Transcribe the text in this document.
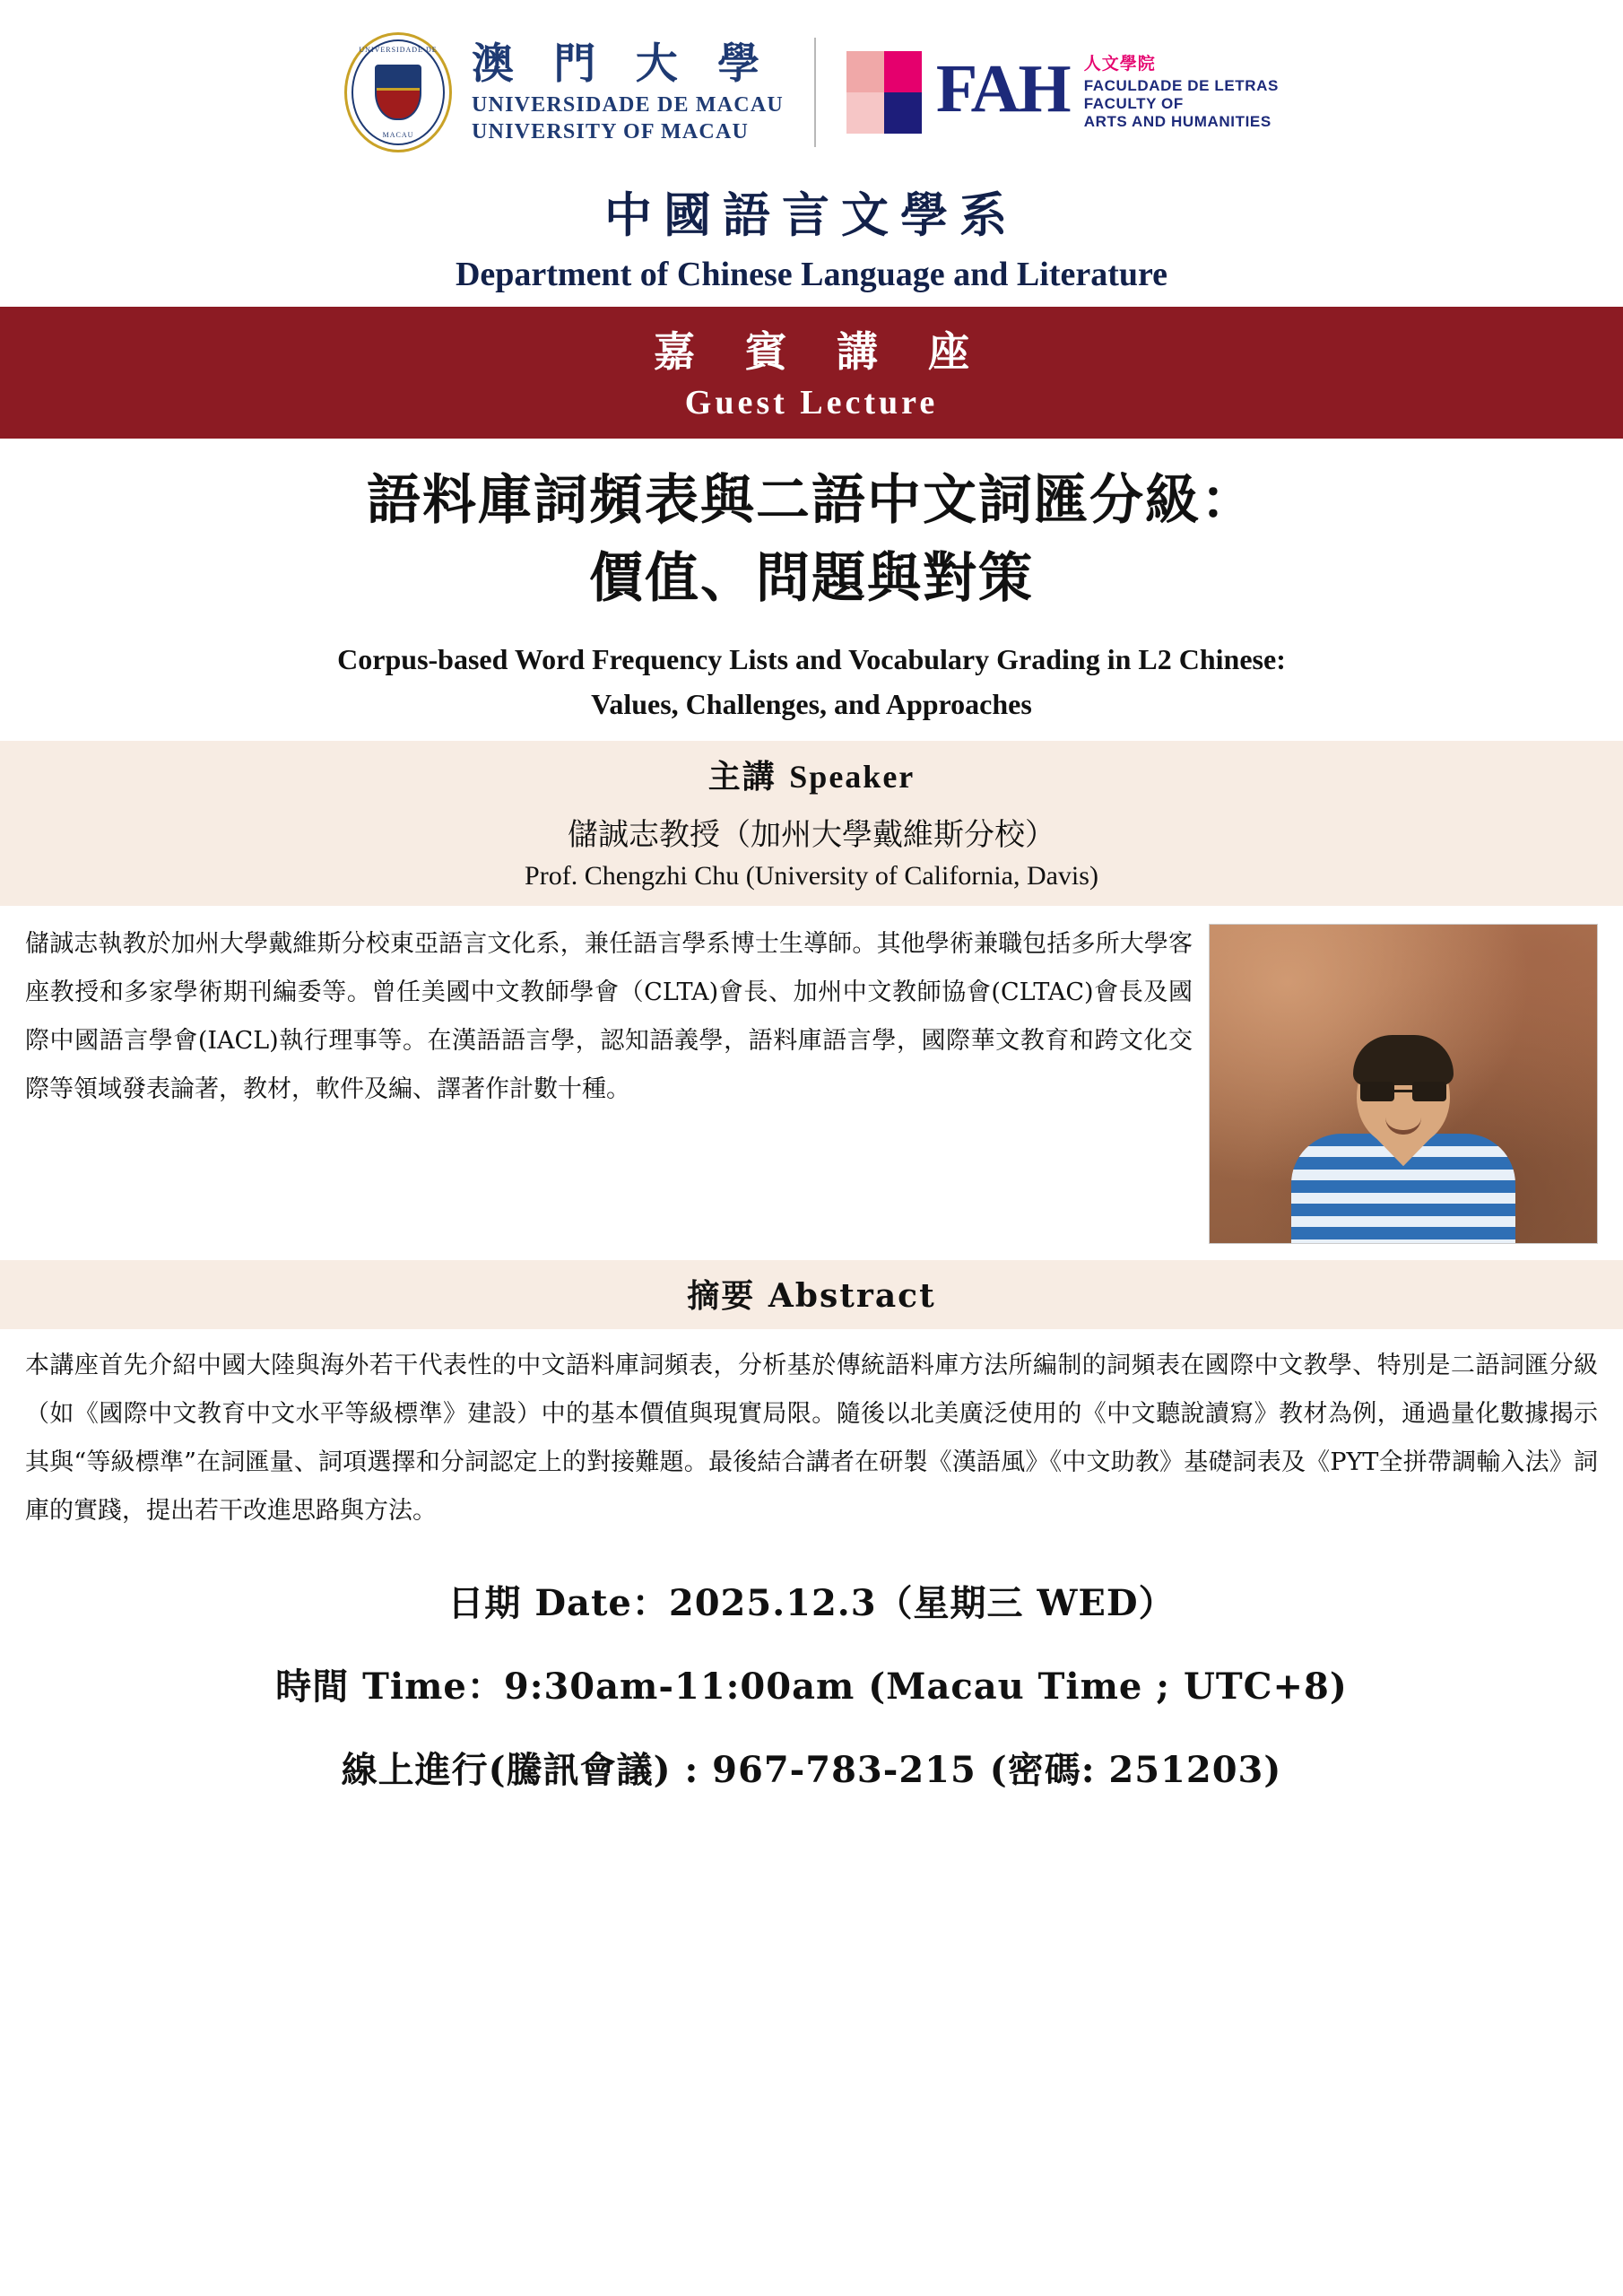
UNIVERSIDADE DE
MACAU
澳 門 大 學
UNIVERSIDADE DE MACAU
UNIVERSITY OF MACAU
FAH 人文學院
FACULDADE DE LETRAS
FACULTY OF
ARTS AND HUMANITIES
中國語言文學系
Department of Chinese Language and Literature
嘉 賓 講 座
Guest Lecture
語料庫詞頻表與二語中文詞匯分級：
價值、問題與對策
Corpus-based Word Frequency Lists and Vocabulary Grading in L2 Chinese:
Values, Challenges, and Approaches
主講 Speaker
儲誠志教授（加州大學戴維斯分校）
Prof. Chengzhi Chu (University of California, Davis)

儲誠志執教於加州大學戴維斯分校東亞語言文化系，兼任語言學系博士生導師。其他學術兼職包括多所大學客座教授和多家學術期刊編委等。曾任美國中文教師學會（CLTA)會長、加州中文教師協會(CLTAC)會長及國際中國語言學會(IACL)執行理事等。在漢語語言學，認知語義學，語料庫語言學，國際華文教育和跨文化交際等領域發表論著，教材，軟件及編、譯著作計數十種。

摘要 Abstract

本講座首先介紹中國大陸與海外若干代表性的中文語料庫詞頻表，分析基於傳統語料庫方法所編制的詞頻表在國際中文教學、特別是二語詞匯分級（如《國際中文教育中文水平等級標準》建設）中的基本價值與現實局限。隨後以北美廣泛使用的《中文聽說讀寫》教材為例，通過量化數據揭示其與“等級標準”在詞匯量、詞項選擇和分詞認定上的對接難題。最後結合講者在研製《漢語風》《中文助教》基礎詞表及《PYT全拼帶調輸入法》詞庫的實踐，提出若干改進思路與方法。

日期 Date：2025.12.3（星期三 WED）
時間 Time：9:30am-11:00am (Macau Time ; UTC+8)
線上進行(騰訊會議) : 967-783-215 (密碼: 251203)
